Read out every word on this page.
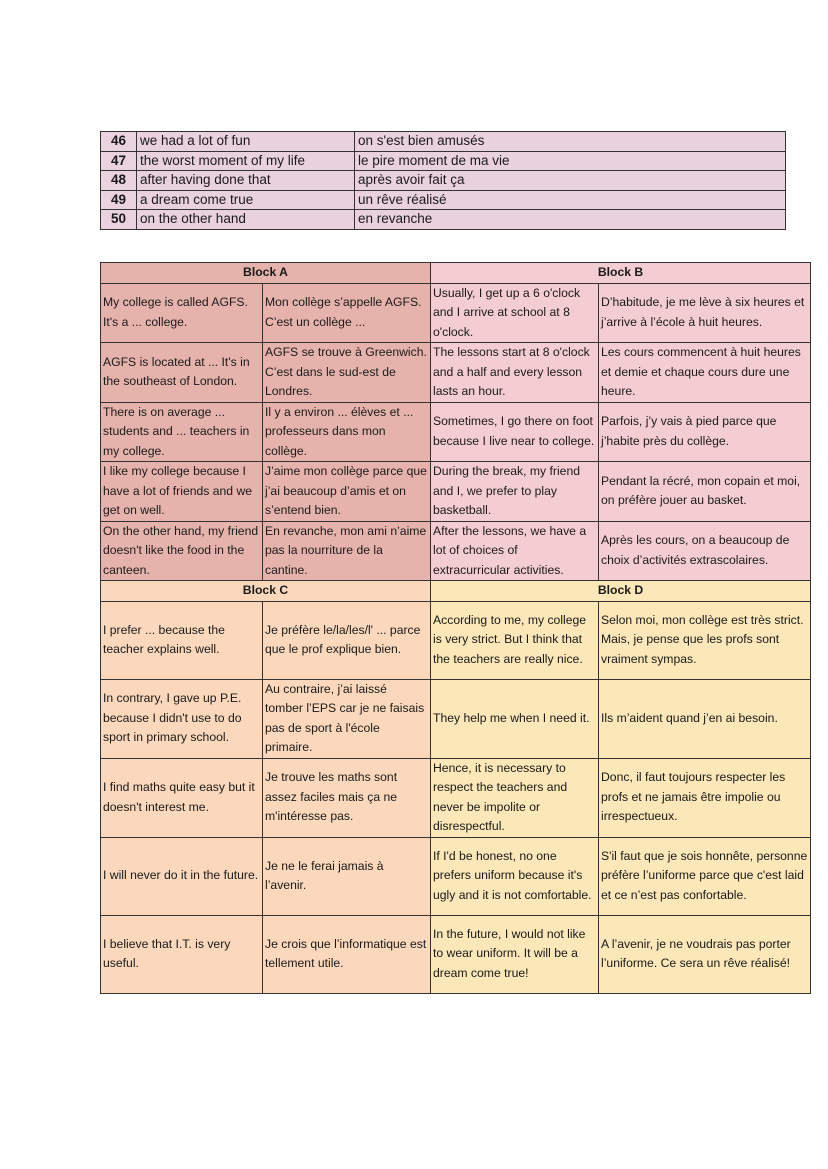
46	we had a lot of fun	on s'est bien amusés
47	the worst moment of my life	le pire moment de ma vie
48	after having done that	après avoir fait ça
49	a dream come true	un rêve réalisé
50	on the other hand	en revanche
Block A		Block B	
My college is called AGFS. It's a ... college.	Mon collège s’appelle AGFS. C’est un collège ...	Usually, I get up a 6 o'clock and I arrive at school at 8 o'clock.	D’habitude, je me lève à six heures et j’arrive à l’école à huit heures.
AGFS is located at ... It's in the southeast of London.	AGFS se trouve à Greenwich. C’est dans le sud-est de Londres.	The lessons start at 8 o'clock and a half and every lesson lasts an hour.	Les cours commencent à huit heures et demie et chaque cours dure une heure.
There is on average ... students and ... teachers in my college.	Il y a environ ... élèves et ... professeurs dans mon collège.	Sometimes, I go there on foot because I live near to college.	Parfois, j’y vais à pied parce que j’habite près du collège.
I like my college because I have a lot of friends and we get on well.	J’aime mon collège parce que j’ai beaucoup d’amis et on s’entend bien.	During the break, my friend and I, we prefer to play basketball.	Pendant la récré, mon copain et moi, on préfère jouer au basket.
On the other hand, my friend doesn't like the food in the canteen.	En revanche, mon ami n’aime pas la nourriture de la cantine.	After the lessons, we have a lot of choices of extracurricular activities.	Après les cours, on a beaucoup de choix d’activités extrascolaires.
Block C		Block D	
I prefer ... because the teacher explains well.	Je préfère le/la/les/l' ... parce que le prof explique bien.	According to me, my college is very strict. But I think that the teachers are really nice.	Selon moi, mon collège est très strict. Mais, je pense que les profs sont vraiment sympas.
In contrary, I gave up P.E. because I didn't use to do sport in primary school.	Au contraire, j’ai laissé tomber l’EPS car je ne faisais pas de sport à l'école primaire.	They help me when I need it.	Ils m’aident quand j’en ai besoin.
I find maths quite easy but it doesn't interest me.	Je trouve les maths sont assez faciles mais ça ne m'intéresse pas.	Hence, it is necessary to respect the teachers and never be impolite or disrespectful.	Donc, il faut toujours respecter les profs et ne jamais être impolie ou irrespectueux.
I will never do it in the future.	Je ne le ferai jamais à l’avenir.	If I'd be honest, no one prefers uniform because it's ugly and it is not comfortable.	S'il faut que je sois honnête, personne préfère l’uniforme parce que c'est laid et ce n’est pas confortable.
I believe that I.T. is very useful.	Je crois que l’informatique est tellement utile.	In the future, I would not like to wear uniform. It will be a dream come true!	A l’avenir, je ne voudrais pas porter l’uniforme. Ce sera un rêve réalisé!
